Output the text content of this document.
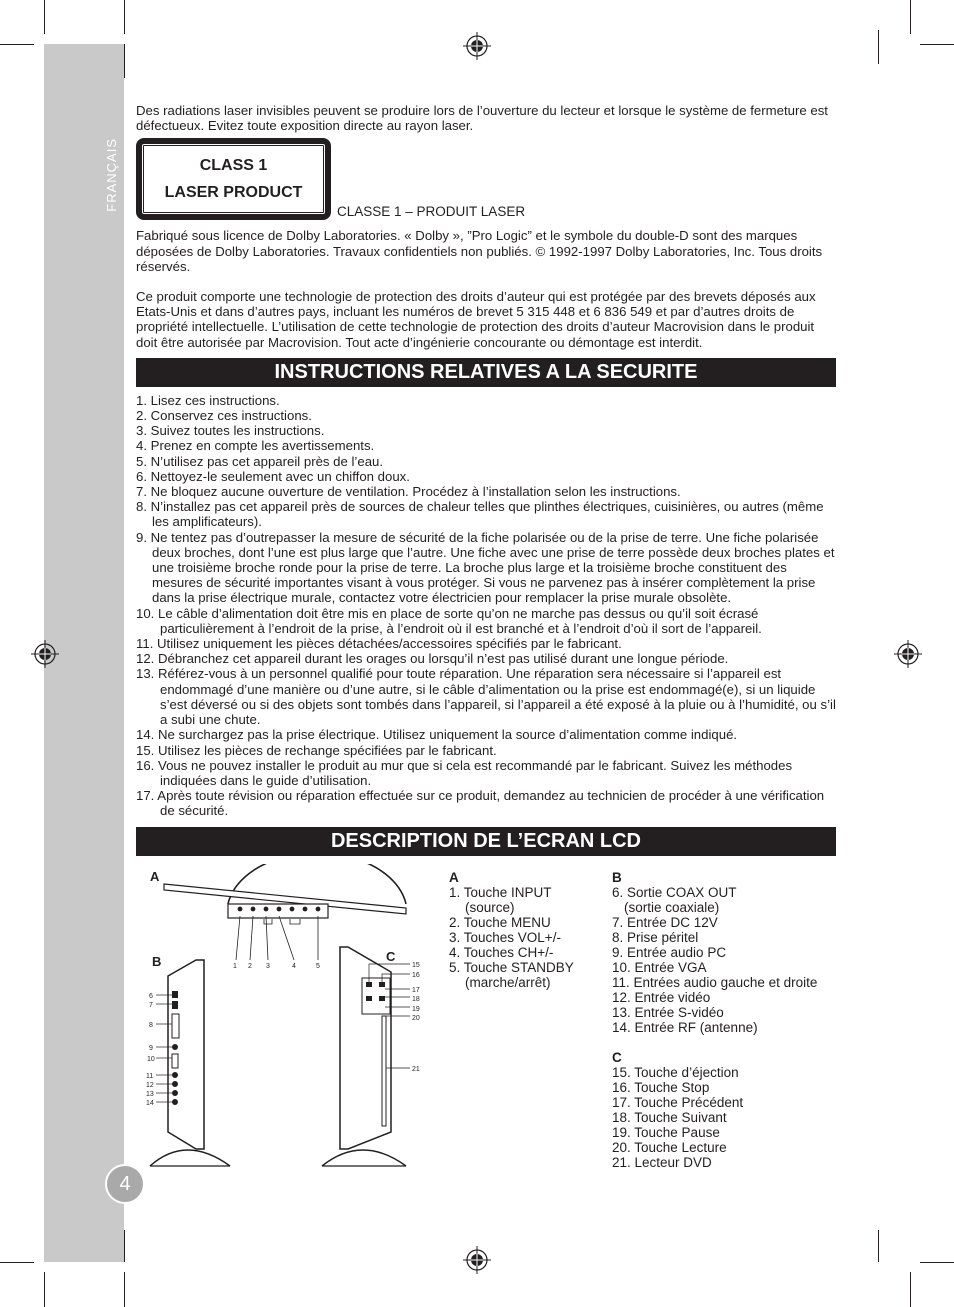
FRANÇAIS
4

Des radiations laser invisibles peuvent se produire lors de l’ouverture du lecteur et lorsque le système de fermeture est défectueux. Evitez toute exposition directe au rayon laser.

CLASS 1
LASER PRODUCT
CLASSE 1 – PRODUIT LASER

Fabriqué sous licence de Dolby Laboratories. « Dolby », ”Pro Logic” et le symbole du double-D sont des marques déposées de Dolby Laboratories. Travaux confidentiels non publiés. © 1992-1997 Dolby Laboratories, Inc. Tous droits réservés.

Ce produit comporte une technologie de protection des droits d’auteur qui est protégée par des brevets déposés aux Etats-Unis et dans d’autres pays, incluant les numéros de brevet 5 315 448 et 6 836 549 et par d’autres droits de propriété intellectuelle. L’utilisation de cette technologie de protection des droits d’auteur Macrovision dans le produit doit être autorisée par Macrovision. Tout acte d’ingénierie concourante ou démontage est interdit.

INSTRUCTIONS RELATIVES A LA SECURITE
1. Lisez ces instructions.
2. Conservez ces instructions.
3. Suivez toutes les instructions.
4. Prenez en compte les avertissements.
5. N’utilisez pas cet appareil près de l’eau.
6. Nettoyez-le seulement avec un chiffon doux.
7. Ne bloquez aucune ouverture de ventilation. Procédez à l’installation selon les instructions.
8. N’installez pas cet appareil près de sources de chaleur telles que plinthes électriques, cuisinières, ou autres (même les amplificateurs).
9. Ne tentez pas d’outrepasser la mesure de sécurité de la fiche polarisée ou de la prise de terre. Une fiche polarisée deux broches, dont l’une est plus large que l’autre. Une fiche avec une prise de terre possède deux broches plates et une troisième broche ronde pour la prise de terre. La broche plus large et la troisième broche constituent des mesures de sécurité importantes visant à vous protéger. Si vous ne parvenez pas à insérer complètement la prise dans la prise électrique murale, contactez votre électricien pour remplacer la prise murale obsolète.
10. Le câble d’alimentation doit être mis en place de sorte qu’on ne marche pas dessus ou qu’il soit écrasé particulièrement à l’endroit de la prise, à l’endroit où il est branché et à l’endroit d’où il sort de l’appareil.
11. Utilisez uniquement les pièces détachées/accessoires spécifiés par le fabricant.
12. Débranchez cet appareil durant les orages ou lorsqu’il n’est pas utilisé durant une longue période.
13. Référez-vous à un personnel qualifié pour toute réparation. Une réparation sera nécessaire si l’appareil est endommagé d’une manière ou d’une autre, si le câble d’alimentation ou la prise est endommagé(e), si un liquide s’est déversé ou si des objets sont tombés dans l’appareil, si l’appareil a été exposé à la pluie ou à l’humidité, ou s’il a subi une chute.
14. Ne surchargez pas la prise électrique. Utilisez uniquement la source d’alimentation comme indiqué.
15. Utilisez les pièces de rechange spécifiées par le fabricant.
16. Vous ne pouvez installer le produit au mur que si cela est recommandé par le fabricant. Suivez les méthodes indiquées dans le guide d’utilisation.
17. Après toute révision ou réparation effectuée sur ce produit, demandez au technicien de procéder à une vérification de sécurité.
DESCRIPTION DE L’ECRAN LCD
A
1 2 3	4	5
B
6
7
8
9
10
11
12
13
14
C
15
16
17
18
19
20
21
A
1. Touche INPUT
(source)
2. Touche MENU
3. Touches VOL+/-
4. Touches CH+/-
5. Touche STANDBY
(marche/arrêt)
B
6. Sortie COAX OUT
(sortie coaxiale)
7. Entrée DC 12V
8. Prise péritel
9. Entrée audio PC
10. Entrée VGA
11. Entrées audio gauche et droite
12. Entrée vidéo
13. Entrée S-vidéo
14. Entrée RF (antenne)
C
15. Touche d’éjection
16. Touche Stop
17. Touche Précédent
18. Touche Suivant
19. Touche Pause
20. Touche Lecture
21. Lecteur DVD
